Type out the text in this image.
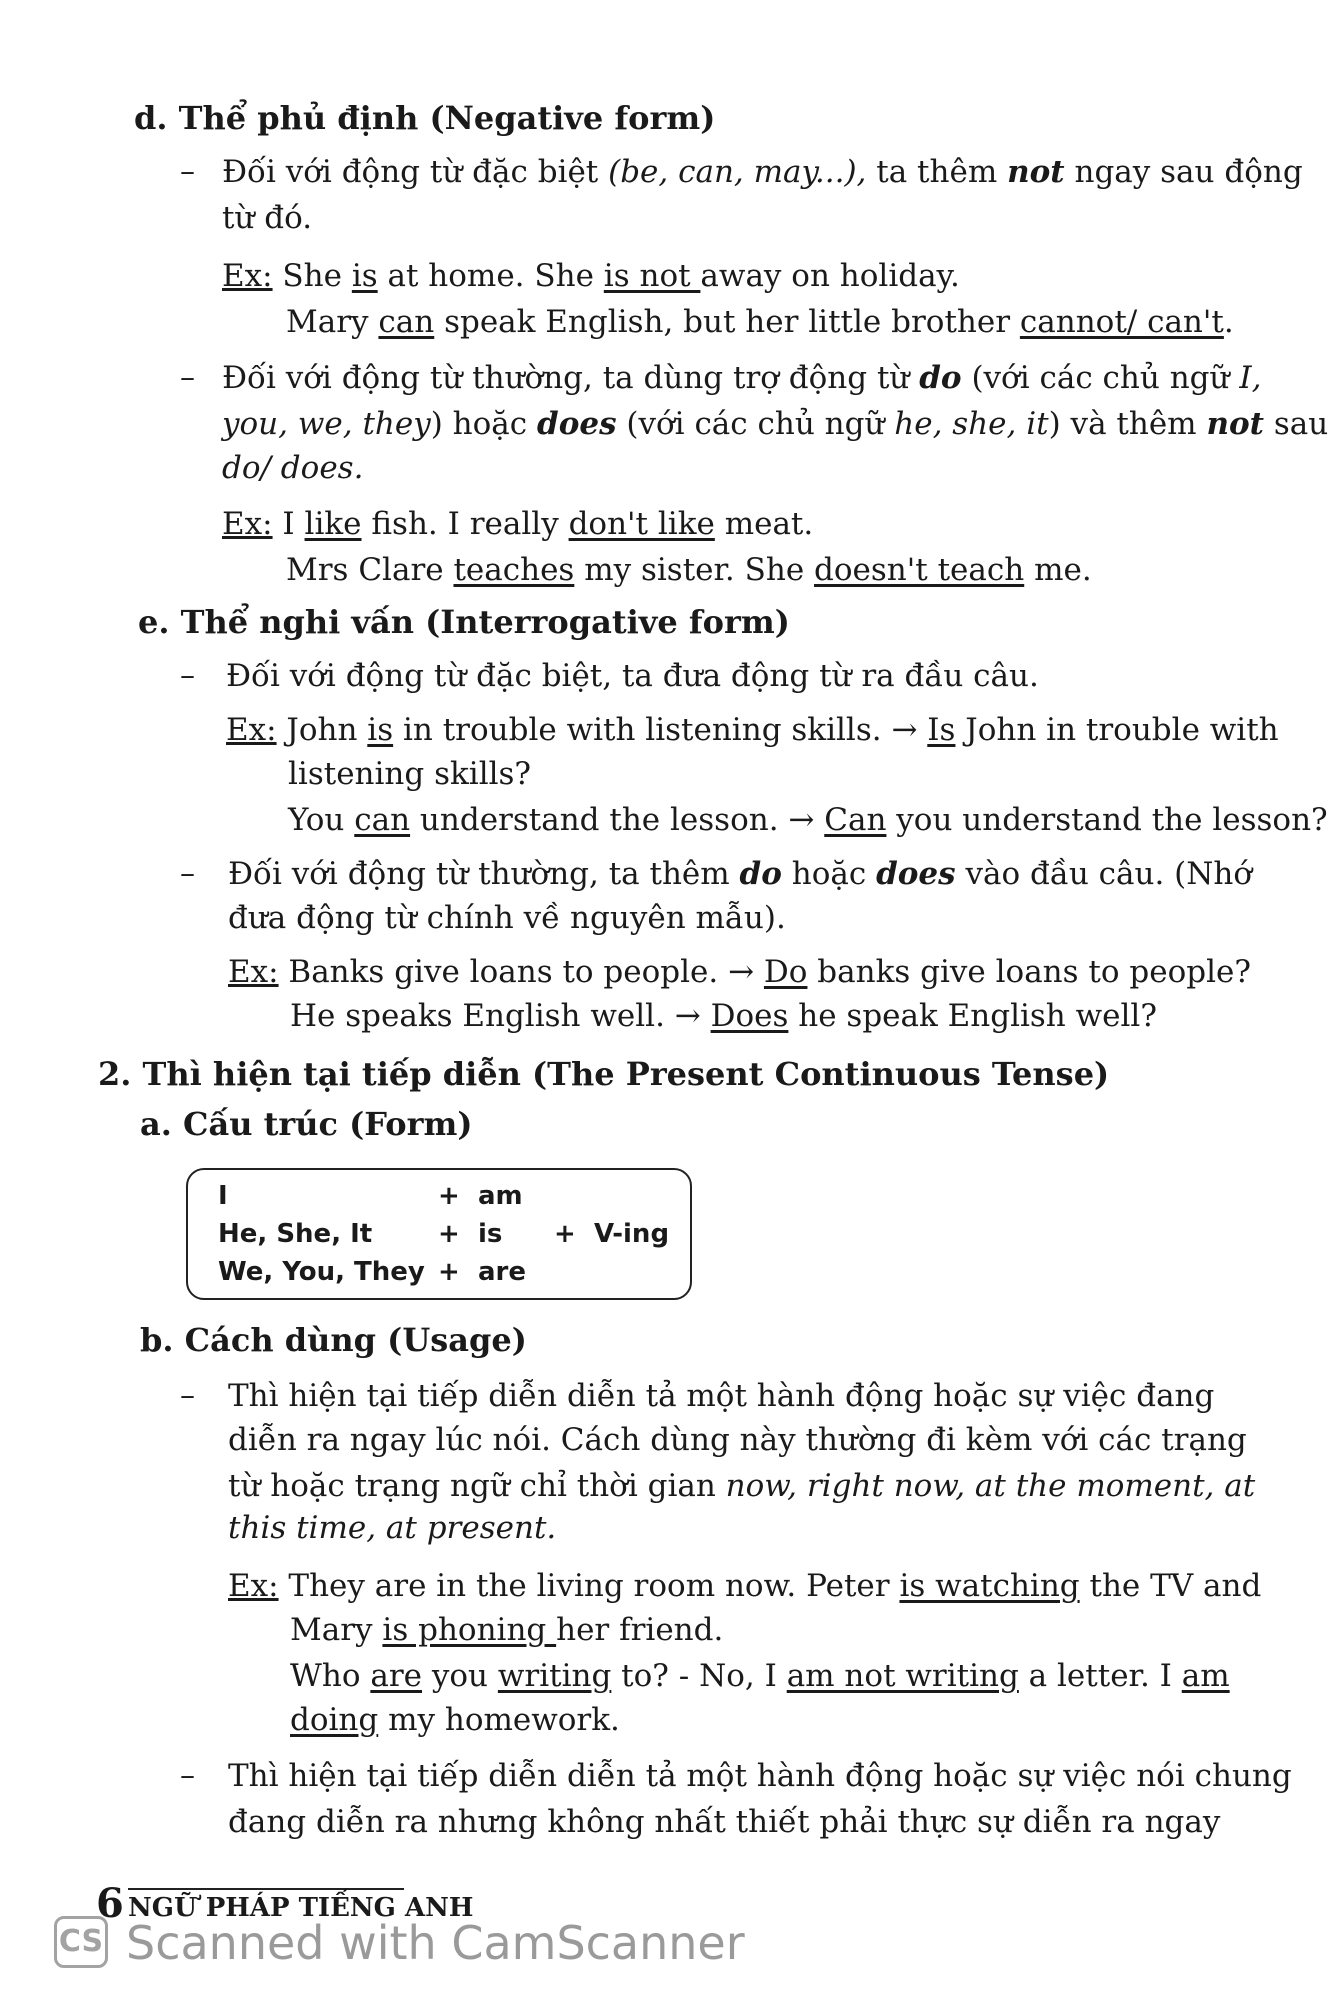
d. Thể phủ định (Negative form)
– Đối với động từ đặc biệt (be, can, may...), ta thêm not ngay sau động
từ đó.
Ex: She is at home. She is not away on holiday.
Mary can speak English, but her little brother cannot/ can't.
– Đối với động từ thường, ta dùng trợ động từ do (với các chủ ngữ I,
you, we, they) hoặc does (với các chủ ngữ he, she, it) và thêm not sau
do/ does.
Ex: I like fish. I really don't like meat.
Mrs Clare teaches my sister. She doesn't teach me.
e. Thể nghi vấn (Interrogative form)
– Đối với động từ đặc biệt, ta đưa động từ ra đầu câu.
Ex: John is in trouble with listening skills. → Is John in trouble with
listening skills?
You can understand the lesson. → Can you understand the lesson?
– Đối với động từ thường, ta thêm do hoặc does vào đầu câu. (Nhớ
đưa động từ chính về nguyên mẫu).
Ex: Banks give loans to people. → Do banks give loans to people?
He speaks English well. → Does he speak English well?
2. Thì hiện tại tiếp diễn (The Present Continuous Tense)
a. Cấu trúc (Form)
I	+ am
He, She, It	+ is + V-ing
We, You, They + are
b. Cách dùng (Usage)
– Thì hiện tại tiếp diễn diễn tả một hành động hoặc sự việc đang
diễn ra ngay lúc nói. Cách dùng này thường đi kèm với các trạng
từ hoặc trạng ngữ chỉ thời gian now, right now, at the moment, at
this time, at present.
Ex: They are in the living room now. Peter is watching the TV and
Mary is phoning her friend.
Who are you writing to? - No, I am not writing a letter. I am
doing my homework.
– Thì hiện tại tiếp diễn diễn tả một hành động hoặc sự việc nói chung
đang diễn ra nhưng không nhất thiết phải thực sự diễn ra ngay
6 NGỮ PHÁP TIẾNG ANH
CS Scanned with CamScanner
